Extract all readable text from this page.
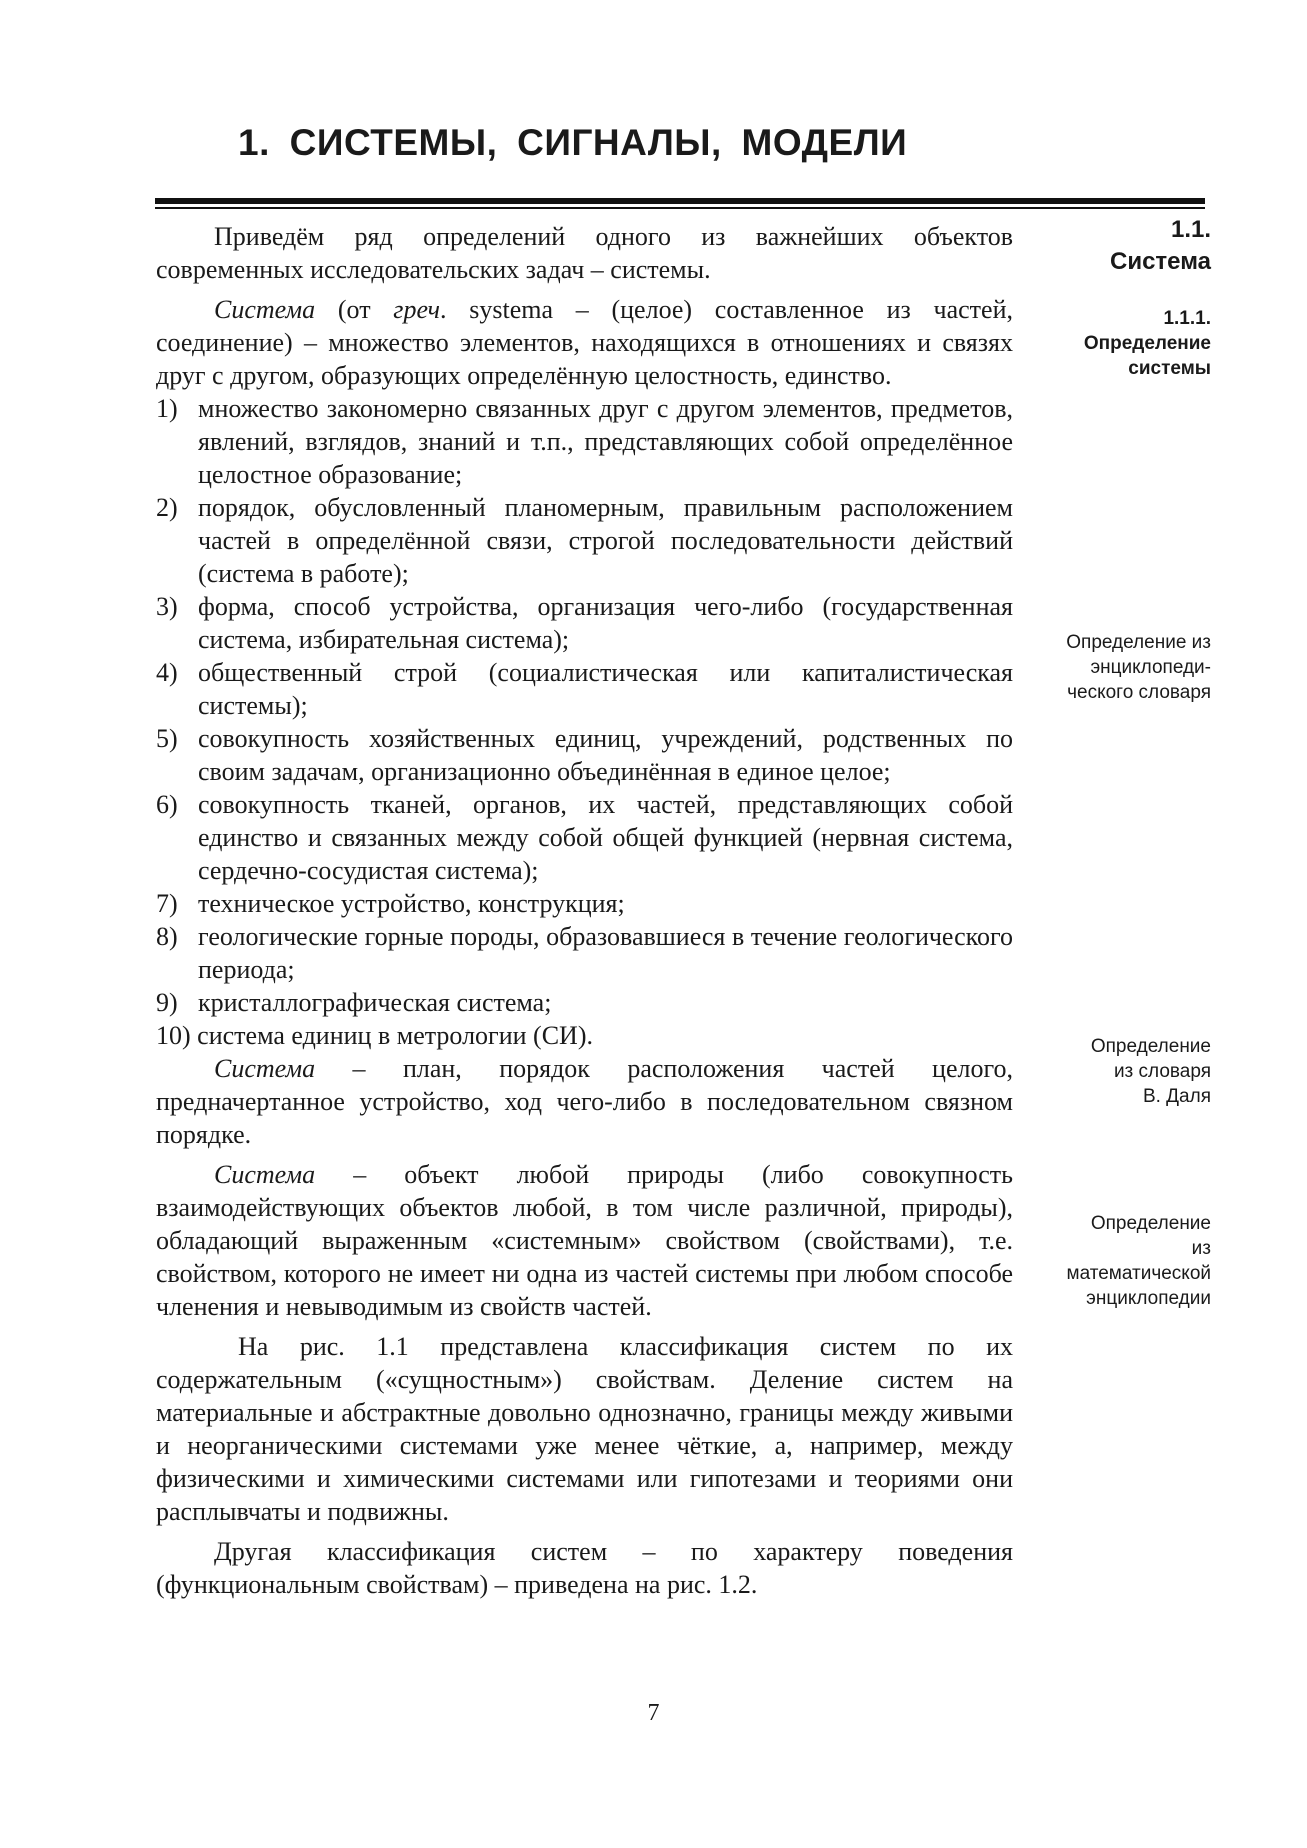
1. СИСТЕМЫ, СИГНАЛЫ, МОДЕЛИ
1.1.
Система
1.1.1.
Определение
системы
Определение из
энциклопеди-
ческого словаря
Определение
из словаря
В. Даля
Определение
из
математической
энциклопедии

Приведём ряд определений одного из важнейших объектов современных исследовательских задач – системы.

Система (от греч. systema – (целое) составленное из частей, соединение) – множество элементов, находящихся в отношениях и связях друг с другом, образующих определённую целостность, единство.

1) множество закономерно связанных друг с другом элементов, предметов, явлений, взглядов, знаний и т.п., представляющих собой определённое целостное образование;
2) порядок, обусловленный планомерным, правильным расположением частей в определённой связи, строгой последовательности действий (система в работе);
3) форма, способ устройства, организация чего-либо (государственная система, избирательная система);
4) общественный строй (социалистическая или капиталистическая системы);
5) совокупность хозяйственных единиц, учреждений, родственных по своим задачам, организационно объединённая в единое целое;
6) совокупность тканей, органов, их частей, представляющих собой единство и связанных между собой общей функцией (нервная система, сердечно-сосудистая система);
7) техническое устройство, конструкция;
8) геологические горные породы, образовавшиеся в течение геологического периода;
9) кристаллографическая система;
10) система единиц в метрологии (СИ).

Система – план, порядок расположения частей целого, предначертанное устройство, ход чего-либо в последовательном связном порядке.

Система – объект любой природы (либо совокупность взаимодействующих объектов любой, в том числе различной, природы), обладающий выраженным «системным» свойством (свойствами), т.е. свойством, которого не имеет ни одна из частей системы при любом способе членения и невыводимым из свойств частей.

На рис. 1.1 представлена классификация систем по их содержательным («сущностным») свойствам. Деление систем на материальные и абстрактные довольно однозначно, границы между живыми и неорганическими системами уже менее чёткие, а, например, между физическими и химическими системами или гипотезами и теориями они расплывчаты и подвижны.

Другая классификация систем – по характеру поведения (функциональным свойствам) – приведена на рис. 1.2.

7
